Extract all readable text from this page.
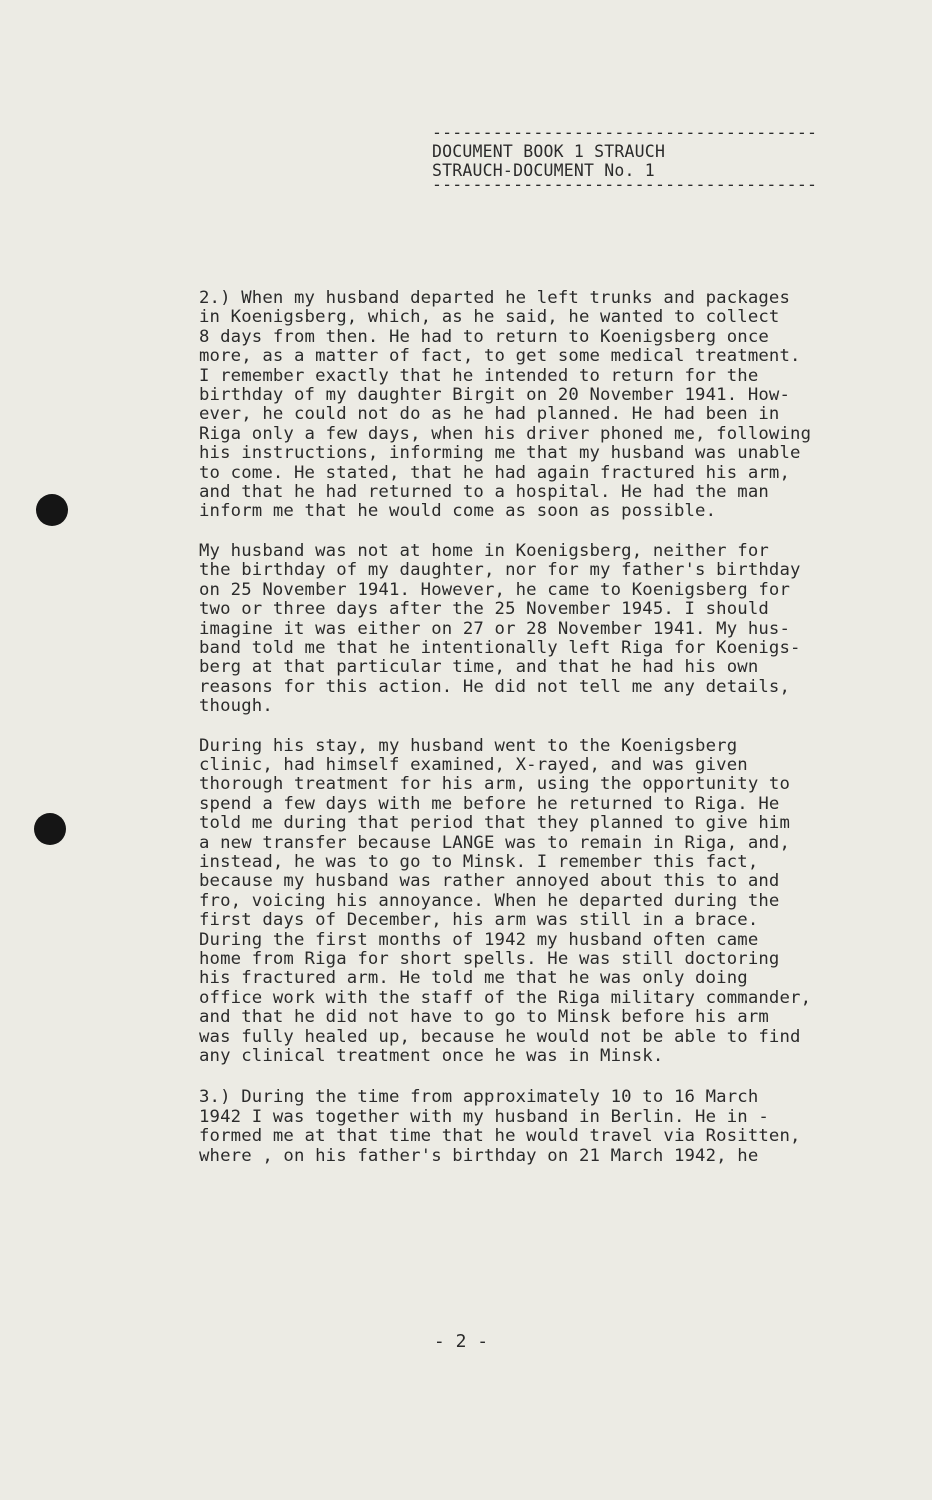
--------------------------------------
DOCUMENT BOOK 1 STRAUCH
STRAUCH-DOCUMENT No. 1
--------------------------------------

2.) When my husband departed he left trunks and packages
in Koenigsberg, which, as he said, he wanted to collect
8 days from then. He had to return to Koenigsberg once
more, as a matter of fact, to get some medical treatment.
I remember exactly that he intended to return for the
birthday of my daughter Birgit on 20 November 1941. How-
ever, he could not do as he had planned. He had been in
Riga only a few days, when his driver phoned me, following
his instructions, informing me that my husband was unable
to come. He stated, that he had again fractured his arm,
and that he had returned to a hospital. He had the man
inform me that he would come as soon as possible.

My husband was not at home in Koenigsberg, neither for
the birthday of my daughter, nor for my father's birthday
on 25 November 1941. However, he came to Koenigsberg for
two or three days after the 25 November 1945. I should
imagine it was either on 27 or 28 November 1941. My hus-
band told me that he intentionally left Riga for Koenigs-
berg at that particular time, and that he had his own
reasons for this action. He did not tell me any details,
though.

During his stay, my husband went to the Koenigsberg
clinic, had himself examined, X-rayed, and was given
thorough treatment for his arm, using the opportunity to
spend a few days with me before he returned to Riga. He
told me during that period that they planned to give him
a new transfer because LANGE was to remain in Riga, and,
instead, he was to go to Minsk. I remember this fact,
because my husband was rather annoyed about this to and
fro, voicing his annoyance. When he departed during the
first days of December, his arm was still in a brace.
During the first months of 1942 my husband often came
home from Riga for short spells. He was still doctoring
his fractured arm. He told me that he was only doing
office work with the staff of the Riga military commander,
and that he did not have to go to Minsk before his arm
was fully healed up, because he would not be able to find
any clinical treatment once he was in Minsk.

3.) During the time from approximately 10 to 16 March
1942 I was together with my husband in Berlin. He in -
formed me at that time that he would travel via Rositten,
where , on his father's birthday on 21 March 1942, he

- 2 -
